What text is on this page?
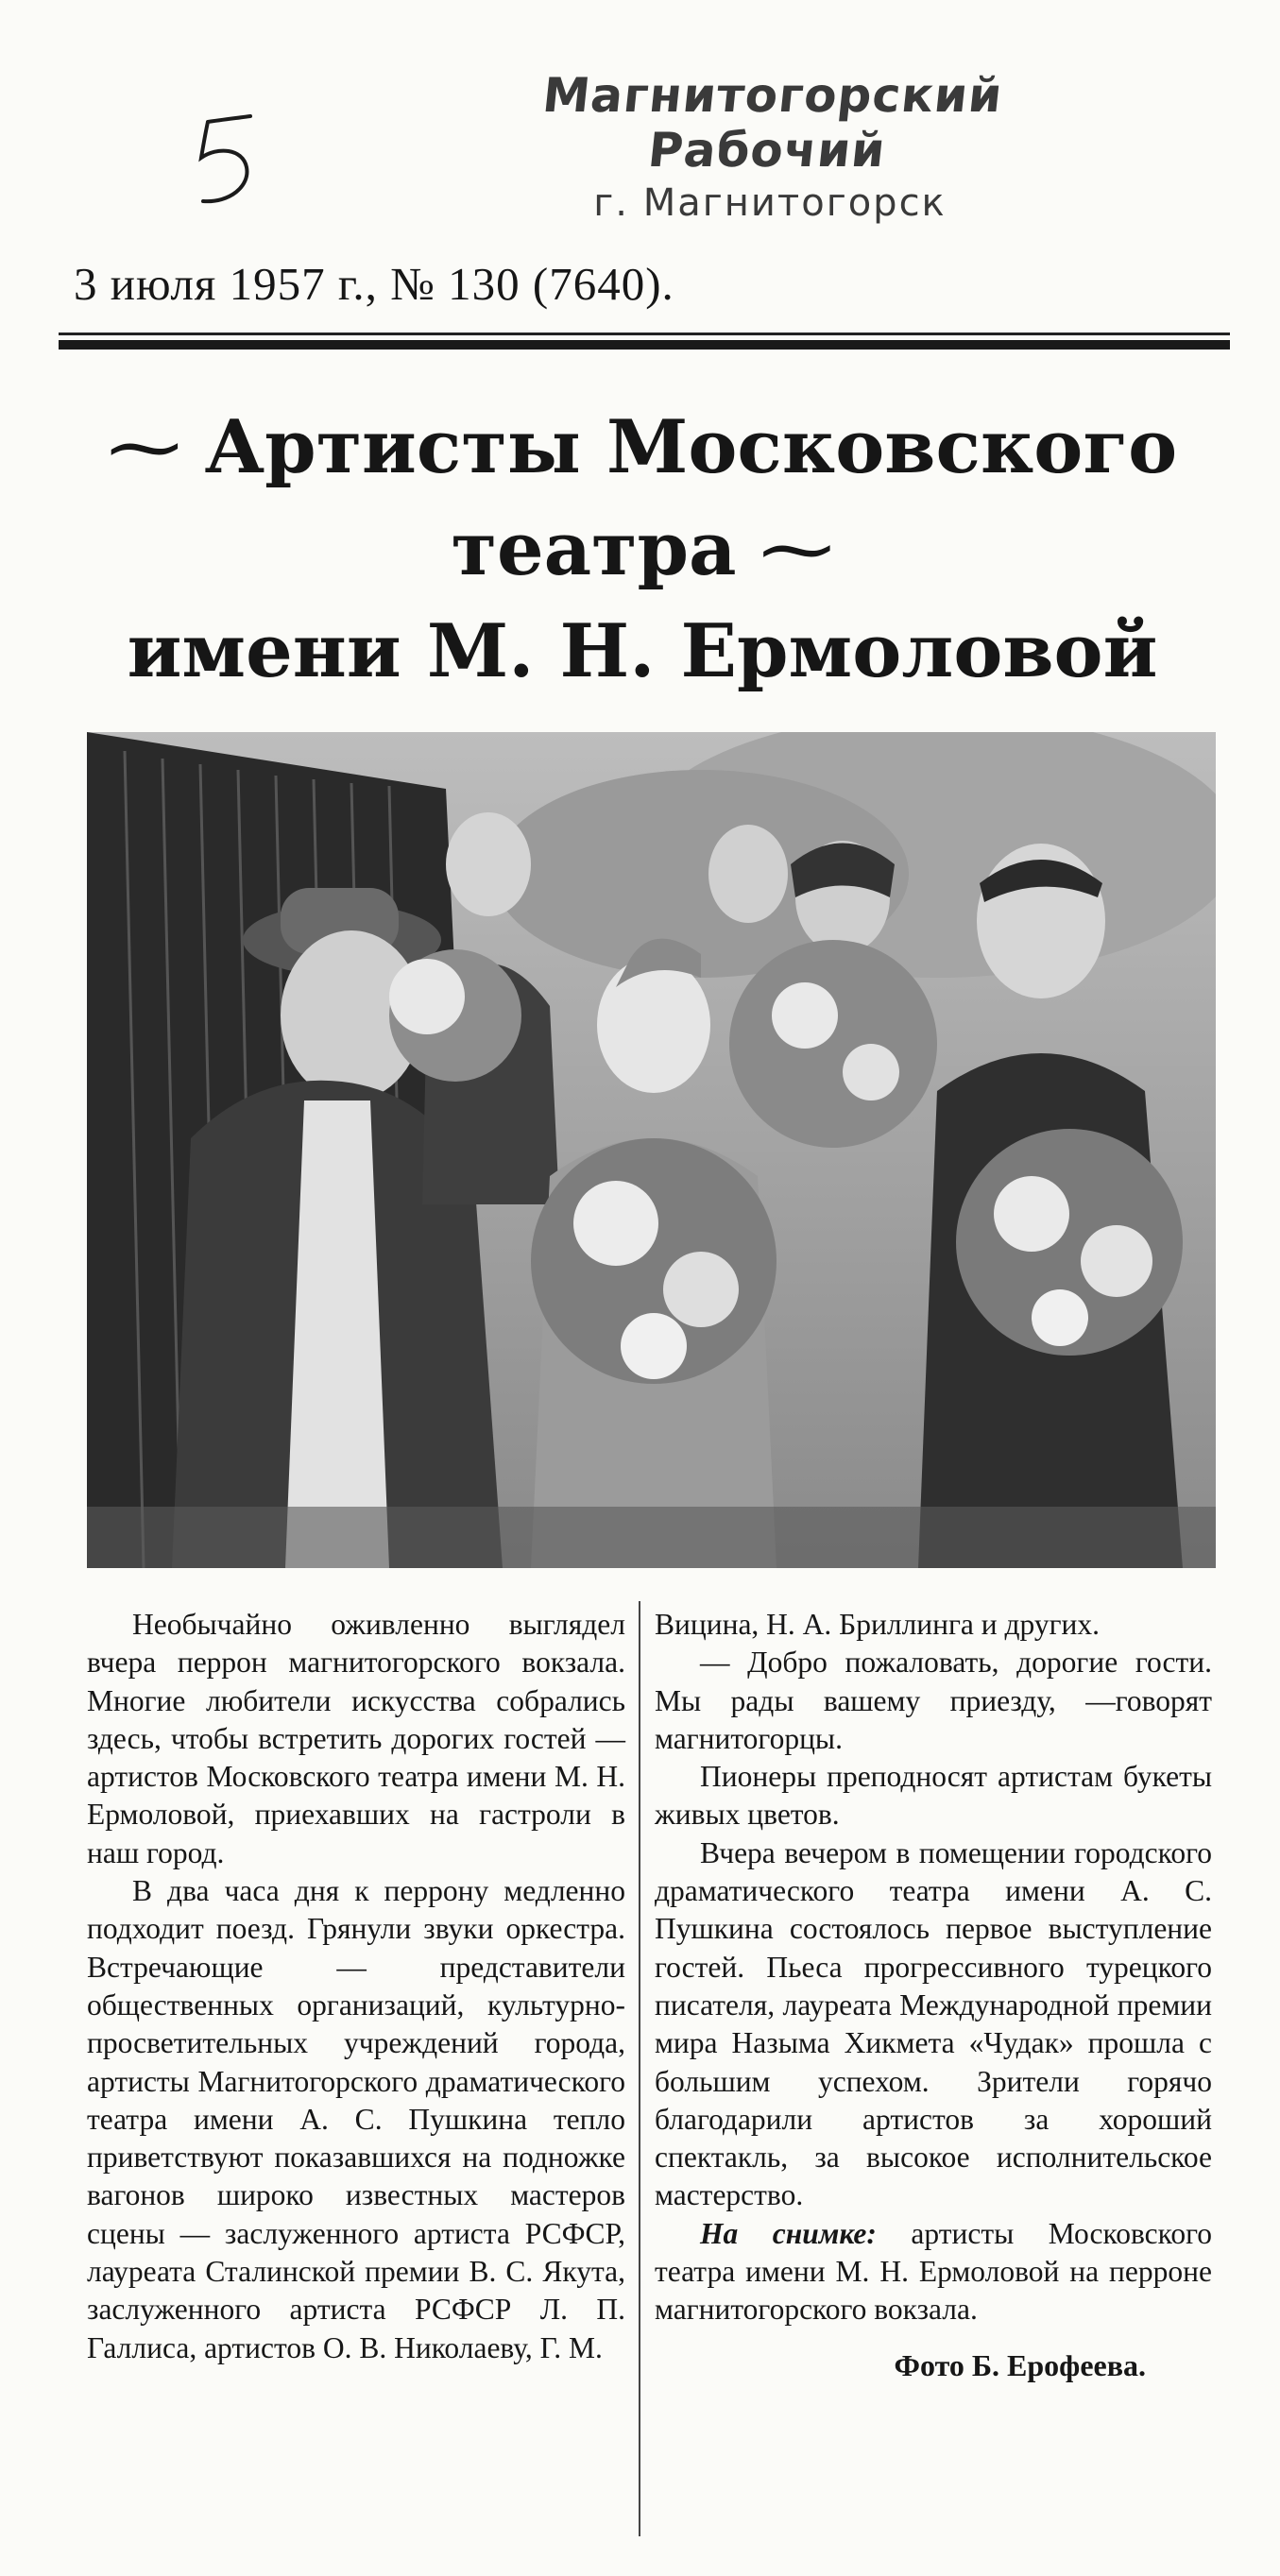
Магнитогорский Рабочий
г. Магнитогорск
3 июля 1957 г., № 130 (7640).
⁓ Артисты Московского театра ⁓
имени М. Н. Ермоловой

Необычайно оживленно выглядел вчера перрон магнитогорского вокзала. Многие любители искусства собрались здесь, чтобы встретить дорогих гостей — артистов Московского театра имени М. Н. Ермоловой, приехавших на гастроли в наш город.

В два часа дня к перрону медленно подходит поезд. Грянули звуки оркестра. Встречающие — представители общественных организаций, культурно-просветительных учреждений города, артисты Магнитогорского драматического театра имени А. С. Пушкина тепло приветствуют показавшихся на подножке вагонов широко известных мастеров сцены — заслуженного артиста РСФСР, лауреата Сталинской премии В. С. Якута, заслуженного артиста РСФСР Л. П. Галлиса, артистов О. В. Николаеву, Г. М.

Вицина, Н. А. Бриллинга и других.

— Добро пожаловать, дорогие гости. Мы рады вашему приезду, —говорят магнитогорцы.

Пионеры преподносят артистам букеты живых цветов.

Вчера вечером в помещении городского драматического театра имени А. С. Пушкина состоялось первое выступление гостей. Пьеса прогрессивного турецкого писателя, лауреата Международной премии мира Назыма Хикмета «Чудак» прошла с большим успехом. Зрители горячо благодарили артистов за хороший спектакль, за высокое исполнительское мастерство.

На снимке: артисты Московского театра имени М. Н. Ермоловой на перроне магнитогорского вокзала.

Фото Б. Ерофеева.
